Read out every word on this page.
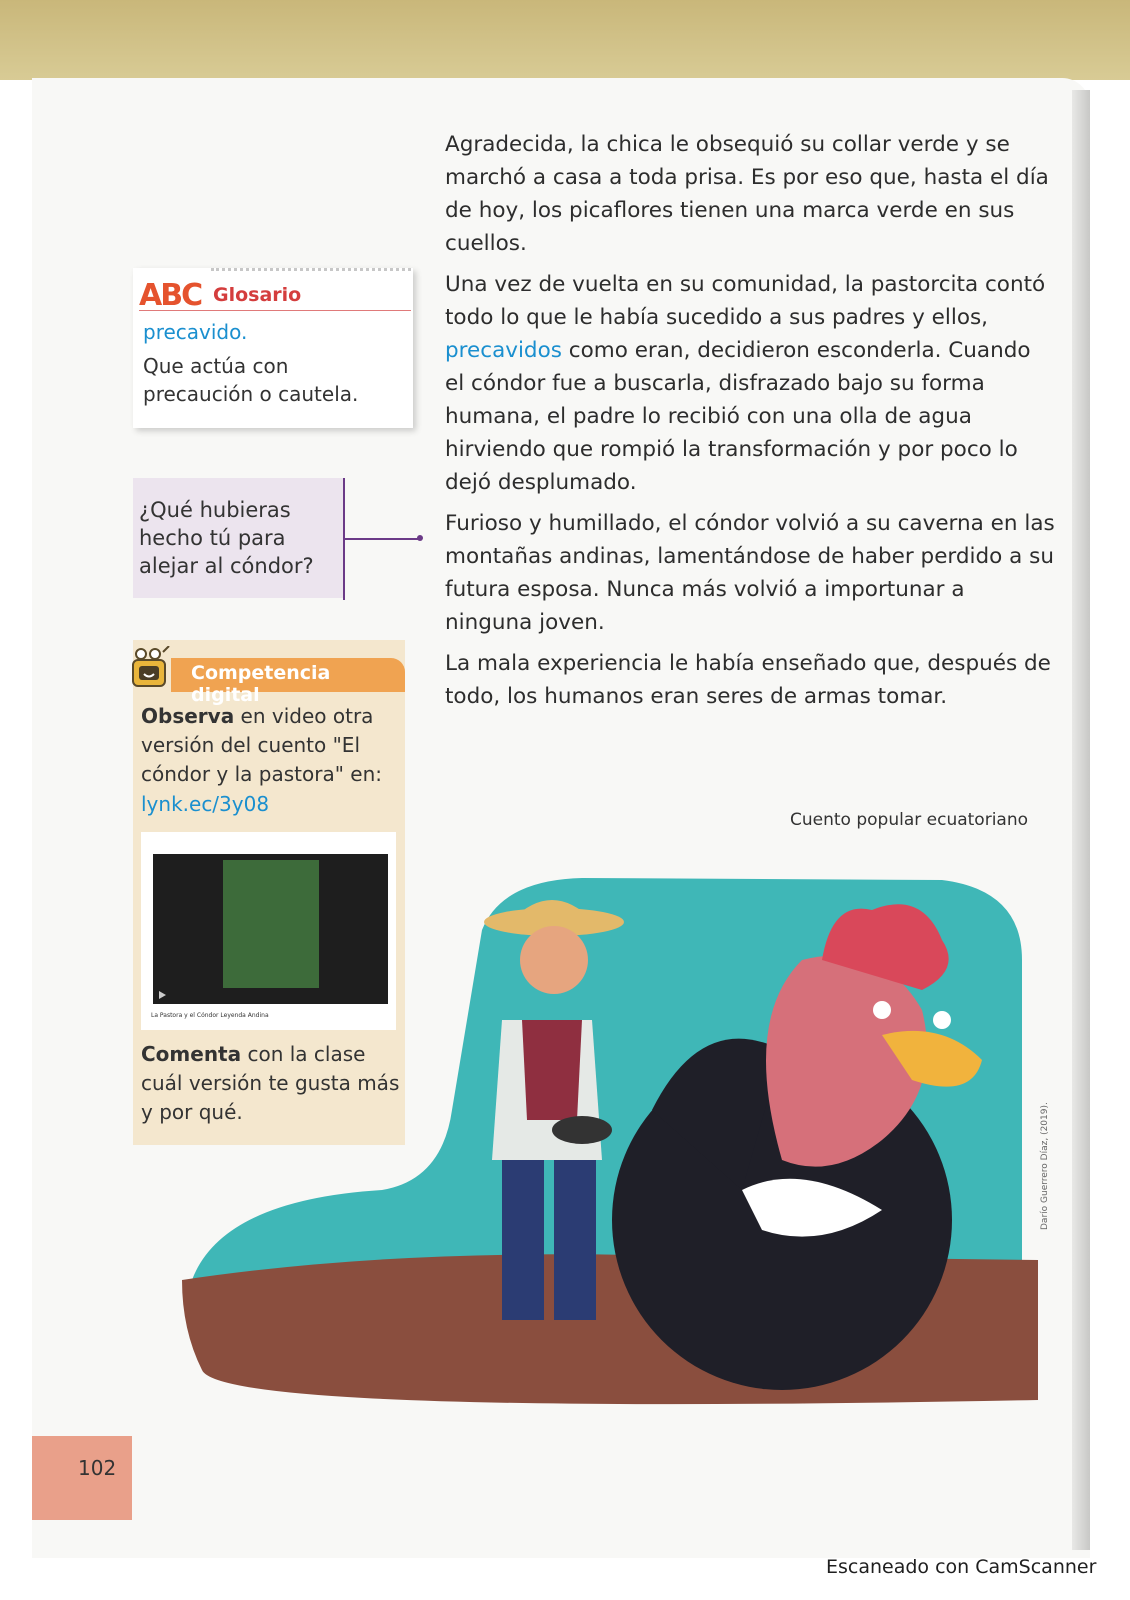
Agradecida, la chica le obsequió su collar verde y se marchó a casa a toda prisa. Es por eso que, hasta el día de hoy, los picaflores tienen una marca verde en sus cuellos.

Una vez de vuelta en su comunidad, la pastorcita contó todo lo que le había sucedido a sus padres y ellos, precavidos como eran, decidieron esconderla. Cuando el cóndor fue a buscarla, disfrazado bajo su forma humana, el padre lo recibió con una olla de agua hirviendo que rompió la transformación y por poco lo dejó desplumado.

Furioso y humillado, el cóndor volvió a su caverna en las montañas andinas, lamentándose de haber perdido a su futura esposa. Nunca más volvió a importunar a ninguna joven.

La mala experiencia le había enseñado que, después de todo, los humanos eran seres de armas tomar.

Cuento popular ecuatoriano
ABC Glosario
precavido.
Que actúa con precaución o cautela.
¿Qué hubieras hecho tú para alejar al cóndor?
Competencia digital
Observa en video otra versión del cuento "El cóndor y la pastora" en:
lynk.ec/3y08
La Pastora y el Cóndor Leyenda Andina
Comenta con la clase cuál versión te gusta más y por qué.	Darío Guerrero Díaz, (2019).
102
Escaneado con CamScanner
